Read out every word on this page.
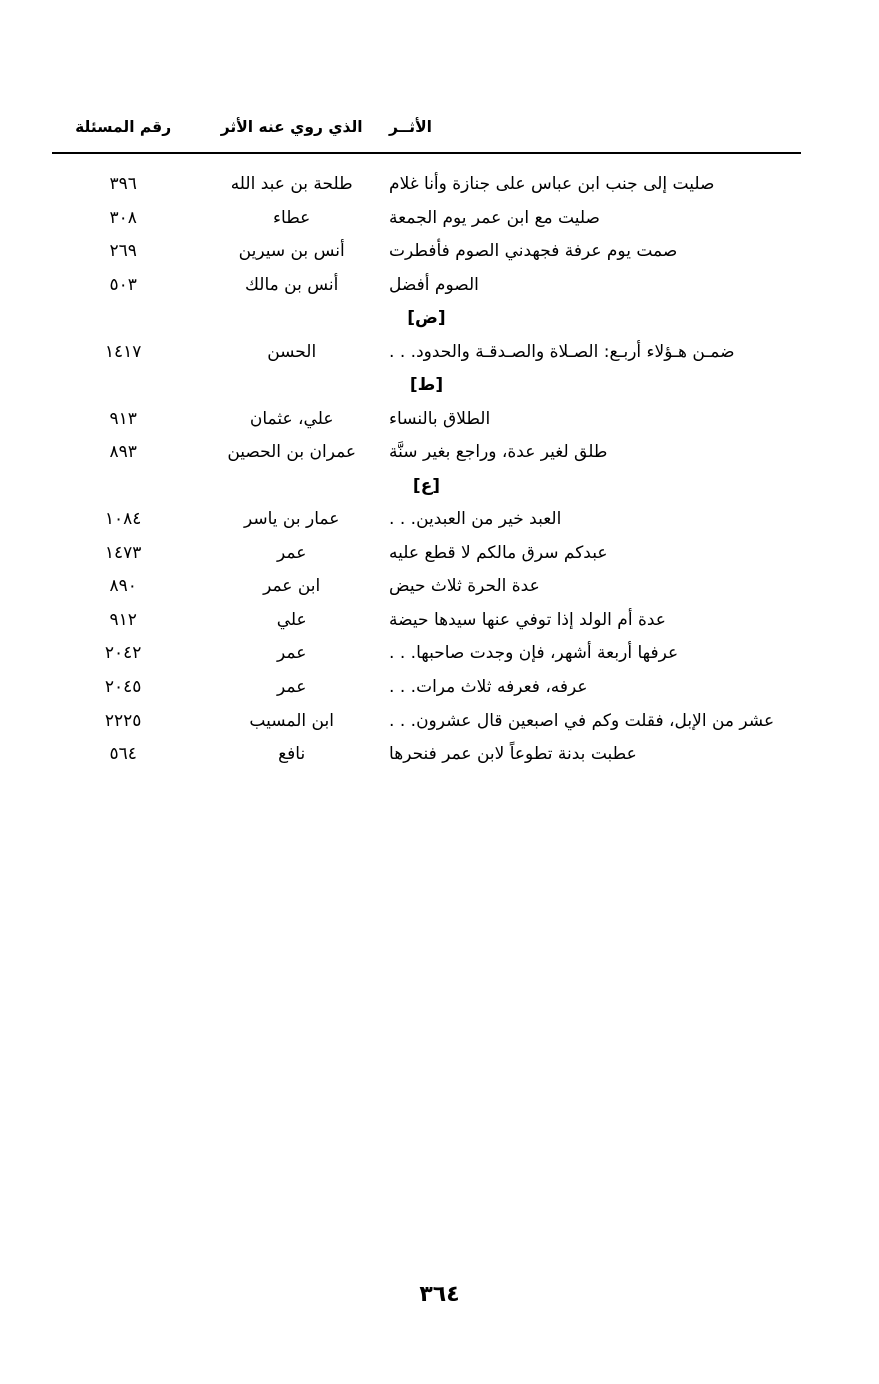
الأثــر	الذي روي عنه الأثر	رقم المسئلة

صليت إلى جنب ابن عباس على جنازة وأنا غلام	طلحة بن عبد الله	٣٩٦
صليت مع ابن عمر يوم الجمعة	عطاء	٣٠٨
صمت يوم عرفة فجهدني الصوم فأفطرت	أنس بن سيرين	٢٦٩
الصوم أفضل	أنس بن مالك	٥٠٣
[ض]		
ضمـن هـؤلاء أربـع: الصـلاة والصـدقـة والحدود. . .	الحسن	١٤١٧
[ط]		
الطلاق بالنساء	علي، عثمان	٩١٣
طلق لغير عدة، وراجع بغير سنَّة	عمران بن الحصين	٨٩٣
[ع]		
العبد خير من العبدين. . .	عمار بن ياسر	١٠٨٤
عبدكم سرق مالكم لا قطع عليه	عمر	١٤٧٣
عدة الحرة ثلاث حيض	ابن عمر	٨٩٠
عدة أم الولد إذا توفي عنها سيدها حيضة	علي	٩١٢
عرفها أربعة أشهر، فإن وجدت صاحبها. . .	عمر	٢٠٤٢
عرفه، فعرفه ثلاث مرات. . .	عمر	٢٠٤٥
عشر من الإبل، فقلت وكم في اصبعين قال عشرون. . .	ابن المسيب	٢٢٢٥
عطبت بدنة تطوعاً لابن عمر فنحرها	نافع	٥٦٤
٣٦٤
